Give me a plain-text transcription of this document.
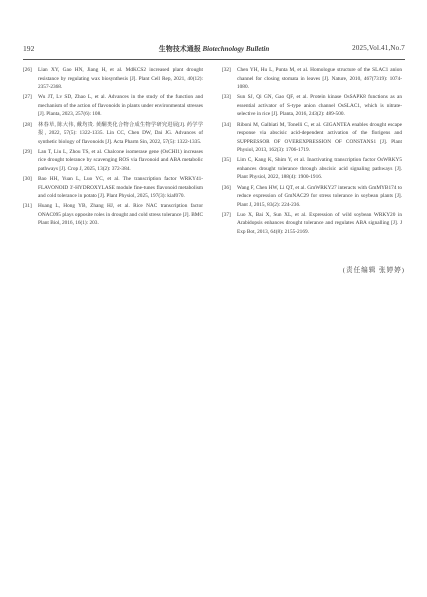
192	生物技术通报 Biotechnology Bulletin	2025,Vol.41,No.7
[26] Lian XY, Gao HN, Jiang H, et al. MdKCS2 increased plant drought resistance by regulating wax biosynthesis [J]. Plant Cell Rep, 2021, 40(12): 2357-2368.
[27] Wu JT, Lv SD, Zhao L, et al. Advances in the study of the function and mechanism of the action of flavonoids in plants under environmental stresses [J]. Planta, 2023, 257(6): 108.
[28] 林春草, 陈大伟, 戴均贵. 黄酮类化合物合成生物学研究进展[J]. 药学学报, 2022, 57(5): 1322-1335. Lin CC, Chen DW, Dai JG. Advances of synthetic biology of flavonoids [J]. Acta Pharm Sin, 2022, 57(5): 1322-1335.
[29] Lan T, Liu L, Zhou TS, et al. Chalcone isomerase gene (OsCHI1) increases rice drought tolerance by scavenging ROS via flavonoid and ABA metabolic pathways [J]. Crop J, 2025, 13(2): 372-384.
[30] Bao HH, Yuan L, Luo YC, et al. The transcription factor WRKY41-FLAVONOID 3'-HYDROXYLASE module fine-tunes flavonoid metabolism and cold tolerance in potato [J]. Plant Physiol, 2025, 197(3): kiaf070.
[31] Huang L, Hong YB, Zhang HJ, et al. Rice NAC transcription factor ONAC095 plays opposite roles in drought and cold stress tolerance [J]. BMC Plant Biol, 2016, 16(1): 203.
[32] Chen YH, Hu L, Punta M, et al. Homologue structure of the SLAC1 anion channel for closing stomata in leaves [J]. Nature, 2010, 467(7319): 1074-1080.
[33] Sun SJ, Qi GN, Gao QF, et al. Protein kinase OsSAPK8 functions as an essential activator of S-type anion channel OsSLAC1, which is nitrate-selective in rice [J]. Planta, 2016, 243(2): 489-500.
[34] Riboni M, Galbiati M, Tonelli C, et al. GIGANTEA enables drought escape response via abscisic acid-dependent activation of the florigens and SUPPRESSOR OF OVEREXPRESSION OF CONSTANS1 [J]. Plant Physiol, 2013, 162(3): 1706-1719.
[35] Lim C, Kang K, Shim Y, et al. Inactivating transcription factor OsWRKY5 enhances drought tolerance through abscisic acid signaling pathways [J]. Plant Physiol, 2022, 188(4): 1900-1916.
[36] Wang F, Chen HW, Li QT, et al. GmWRKY27 interacts with GmMYB174 to reduce expression of GmNAC29 for stress tolerance in soybean plants [J]. Plant J, 2015, 83(2): 224-236.
[37] Luo X, Bai X, Sun XL, et al. Expression of wild soybean WRKY20 in Arabidopsis enhances drought tolerance and regulates ABA signalling [J]. J Exp Bot, 2013, 64(8): 2155-2169.
(责任编辑 张婷婷)
